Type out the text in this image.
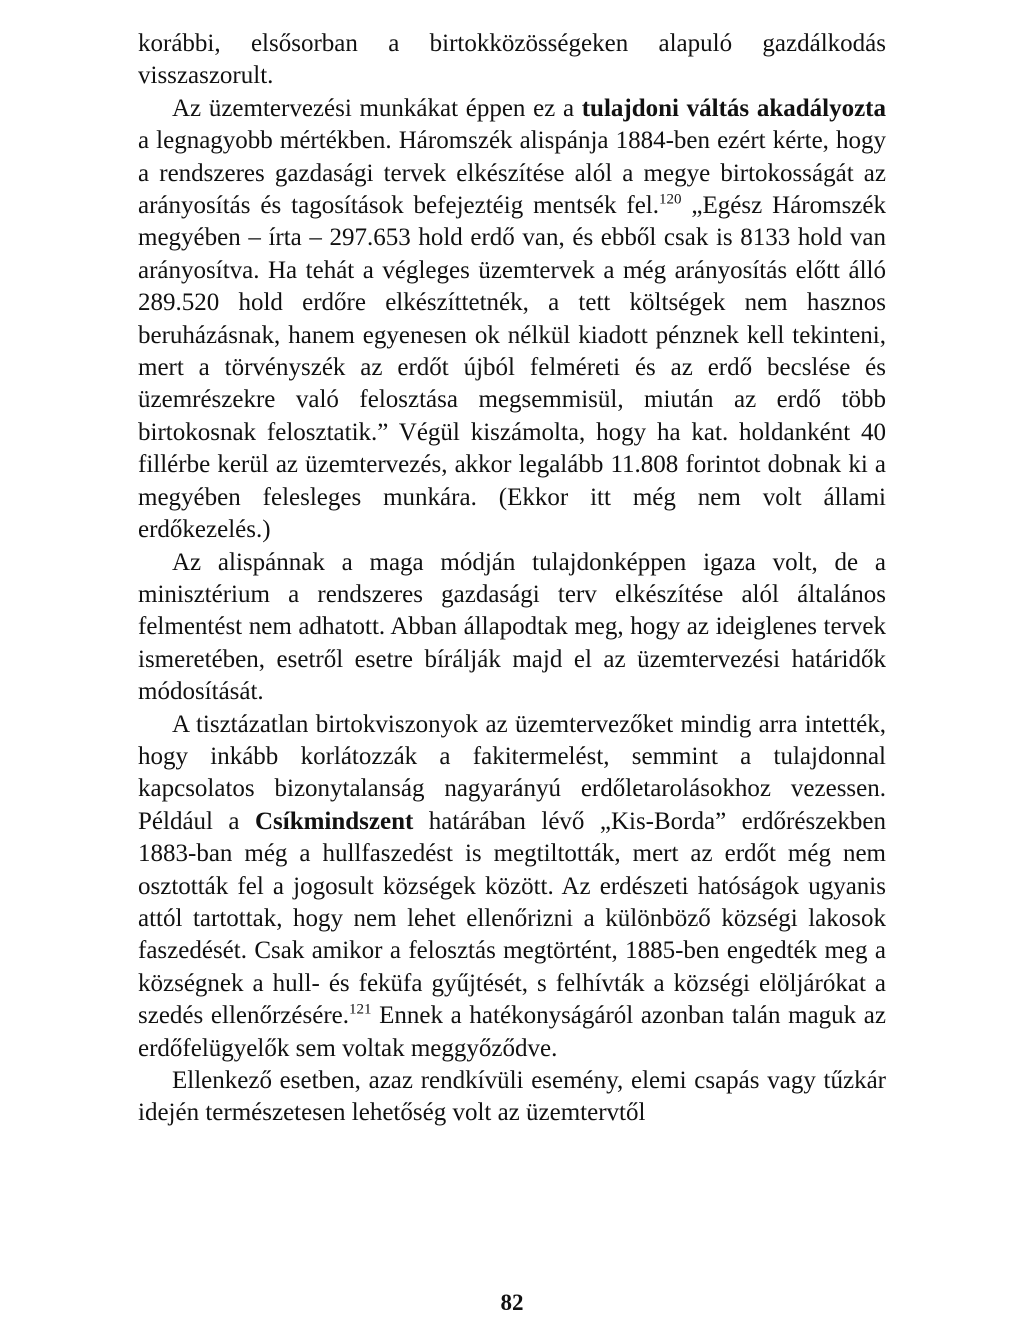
korábbi, elsősorban a birtokközösségeken alapuló gazdálkodás visszaszorult.

Az üzemtervezési munkákat éppen ez a tulajdoni váltás akadályozta a legnagyobb mértékben. Háromszék alispánja 1884-ben ezért kérte, hogy a rendszeres gazdasági tervek elkészítése alól a megye birtokosságát az arányosítás és tagosítások befejeztéig mentsék fel.$^{120}$ „Egész Háromszék megyében – írta – 297.653 hold erdő van, és ebből csak is 8133 hold van arányosítva. Ha tehát a végleges üzemtervek a még arányosítás előtt álló 289.520 hold erdőre elkészíttetnék, a tett költségek nem hasznos beruházásnak, hanem egyenesen ok nélkül kiadott pénznek kell tekinteni, mert a törvényszék az erdőt újból felméreti és az erdő becslése és üzemrészekre való felosztása megsemmisül, miután az erdő több birtokosnak felosztatik.” Végül kiszámolta, hogy ha kat. holdanként 40 fillérbe kerül az üzemtervezés, akkor legalább 11.808 forintot dobnak ki a megyében felesleges munkára. (Ekkor itt még nem volt állami erdőkezelés.)

Az alispánnak a maga módján tulajdonképpen igaza volt, de a minisztérium a rendszeres gazdasági terv elkészítése alól általános felmentést nem adhatott. Abban állapodtak meg, hogy az ideiglenes tervek ismeretében, esetről esetre bírálják majd el az üzemtervezési határidők módosítását.

A tisztázatlan birtokviszonyok az üzemtervezőket mindig arra intették, hogy inkább korlátozzák a fakitermelést, semmint a tulajdonnal kapcsolatos bizonytalanság nagyarányú erdőletarolásokhoz vezessen. Például a Csíkmindszent határában lévő „Kis-Borda” erdőrészekben 1883-ban még a hullfaszedést is megtiltották, mert az erdőt még nem osztották fel a jogosult községek között. Az erdészeti hatóságok ugyanis attól tartottak, hogy nem lehet ellenőrizni a különböző községi lakosok faszedését. Csak amikor a felosztás megtörtént, 1885-ben engedték meg a községnek a hull- és feküfa gyűjtését, s felhívták a községi elöljárókat a szedés ellenőrzésére.$^{121}$ Ennek a hatékonyságáról azonban talán maguk az erdőfelügyelők sem voltak meggyőződve.

Ellenkező esetben, azaz rendkívüli esemény, elemi csapás vagy tűzkár idején természetesen lehetőség volt az üzemtervtől

82
